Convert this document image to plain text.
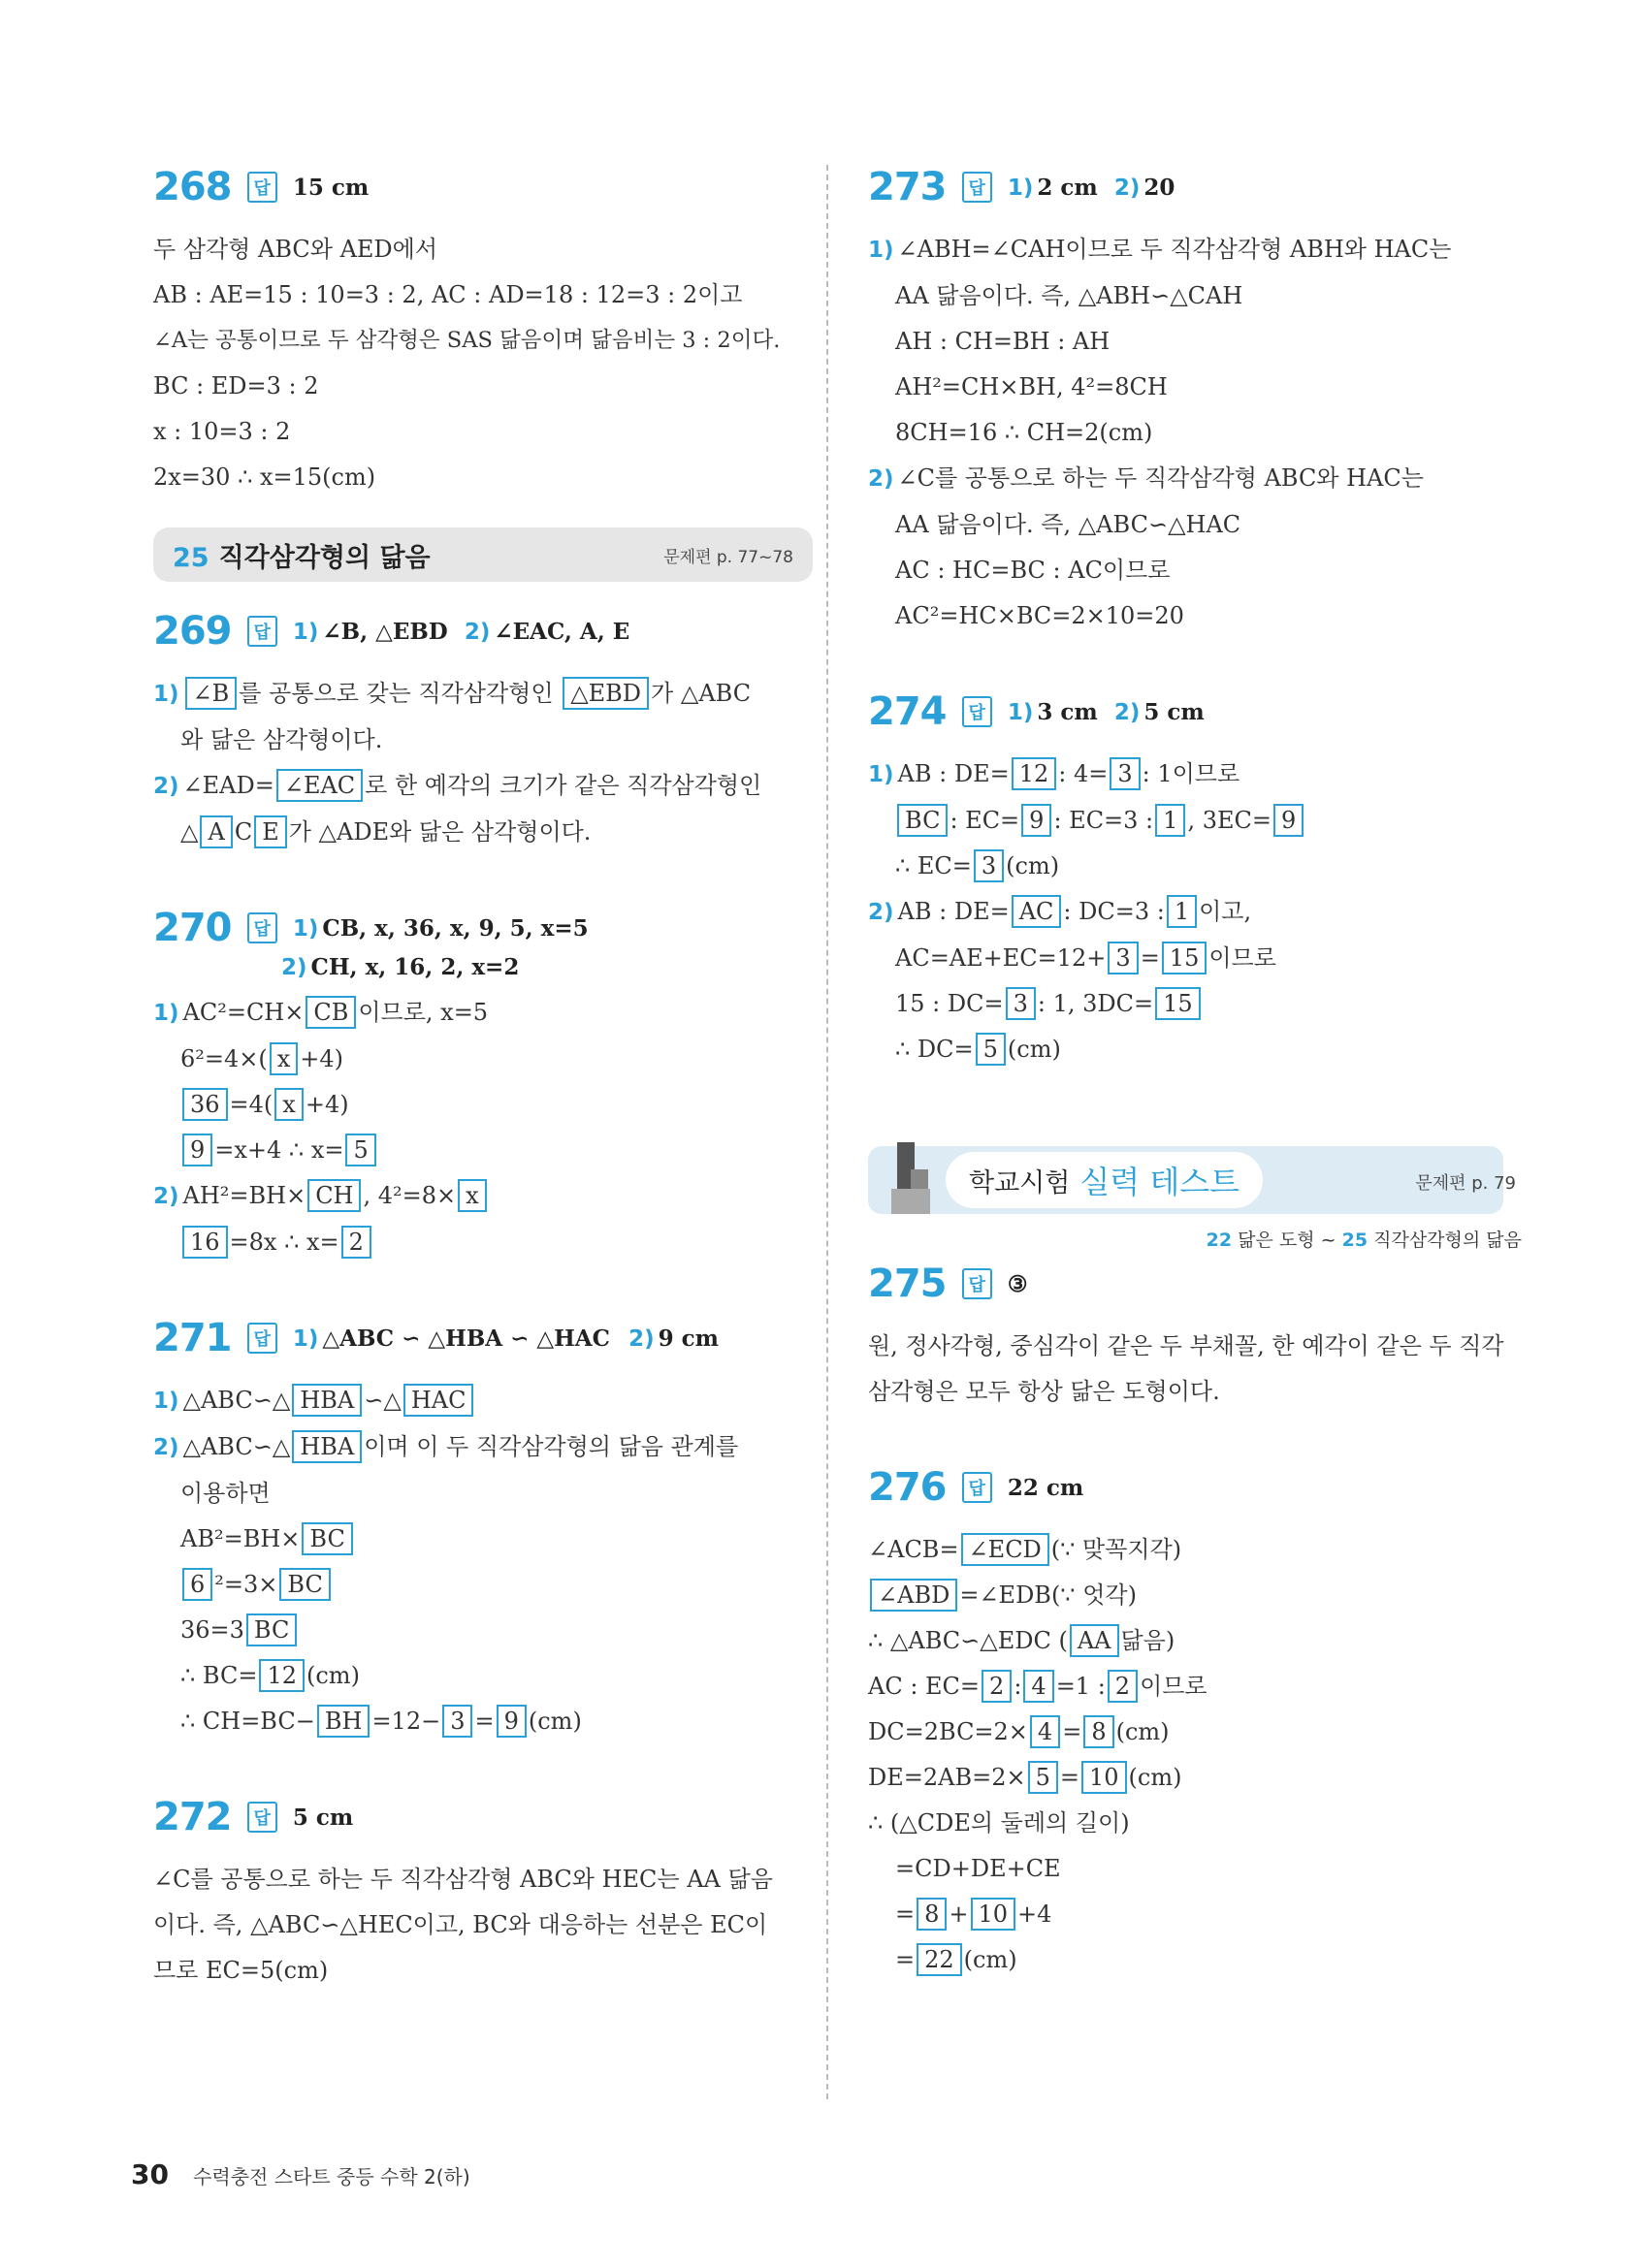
268	답	15 cm
두 삼각형 ABC와 AED에서
AB : AE=15 : 10=3 : 2, AC : AD=18 : 12=3 : 2이고
∠A는 공통이므로 두 삼각형은 SAS 닮음이며 닮음비는 3 : 2이다.
BC : ED=3 : 2
x : 10=3 : 2
2x=30 ∴ x=15(cm)
25 직각삼각형의 닮음	문제편 p. 77~78
269	답	1) ∠B, △EBD 2) ∠EAC, A, E
1) ∠B 를 공통으로 갖는 직각삼각형인 △EBD 가 △ABC
와 닮은 삼각형이다.
2) ∠EAD= ∠EAC 로 한 예각의 크기가 같은 직각삼각형인
△ A C E 가 △ADE와 닮은 삼각형이다.
270	답	1) CB, x, 36, x, 9, 5, x=5
2) CH, x, 16, 2, x=2
1) AC²=CH× CB 이므로, x=5
6²=4×( x +4)
36 =4( x +4)
9 =x+4 ∴ x= 5
2) AH²=BH× CH , 4²=8× x
16 =8x ∴ x= 2
271	답	1) △ABC ∽ △HBA ∽ △HAC 2) 9 cm
1) △ABC∽△ HBA ∽△ HAC
2) △ABC∽△ HBA 이며 이 두 직각삼각형의 닮음 관계를
이용하면
AB²=BH× BC
6 ²=3× BC
36=3 BC
∴ BC= 12 (cm)
∴ CH=BC− BH =12− 3 = 9 (cm)
272	답	5 cm
∠C를 공통으로 하는 두 직각삼각형 ABC와 HEC는 AA 닮음
이다. 즉, △ABC∽△HEC이고, BC와 대응하는 선분은 EC이
므로 EC=5(cm)
273	답	1) 2 cm 2) 20
1) ∠ABH=∠CAH이므로 두 직각삼각형 ABH와 HAC는
AA 닮음이다. 즉, △ABH∽△CAH
AH : CH=BH : AH
AH²=CH×BH, 4²=8CH
8CH=16 ∴ CH=2(cm)
2) ∠C를 공통으로 하는 두 직각삼각형 ABC와 HAC는
AA 닮음이다. 즉, △ABC∽△HAC
AC : HC=BC : AC이므로
AC²=HC×BC=2×10=20
274	답	1) 3 cm 2) 5 cm
1) AB : DE= 12 : 4= 3 : 1이므로
BC : EC= 9 : EC=3 : 1 , 3EC= 9
∴ EC= 3 (cm)
2) AB : DE= AC : DC=3 : 1 이고,
AC=AE+EC=12+ 3 = 15 이므로
15 : DC= 3 : 1, 3DC= 15
∴ DC= 5 (cm)
학교시험 실력 테스트	문제편 p. 79
22 닮은 도형 ~ 25 직각삼각형의 닮음
275	답	③
원, 정사각형, 중심각이 같은 두 부채꼴, 한 예각이 같은 두 직각
삼각형은 모두 항상 닮은 도형이다.
276	답	22 cm
∠ACB= ∠ECD (∵ 맞꼭지각)
∠ABD =∠EDB(∵ 엇각)
∴ △ABC∽△EDC ( AA 닮음)
AC : EC= 2 : 4 =1 : 2 이므로
DC=2BC=2× 4 = 8 (cm)
DE=2AB=2× 5 = 10 (cm)
∴ (△CDE의 둘레의 길이)
=CD+DE+CE
= 8 + 10 +4
= 22 (cm)
30 수력충전 스타트 중등 수학 2(하)
